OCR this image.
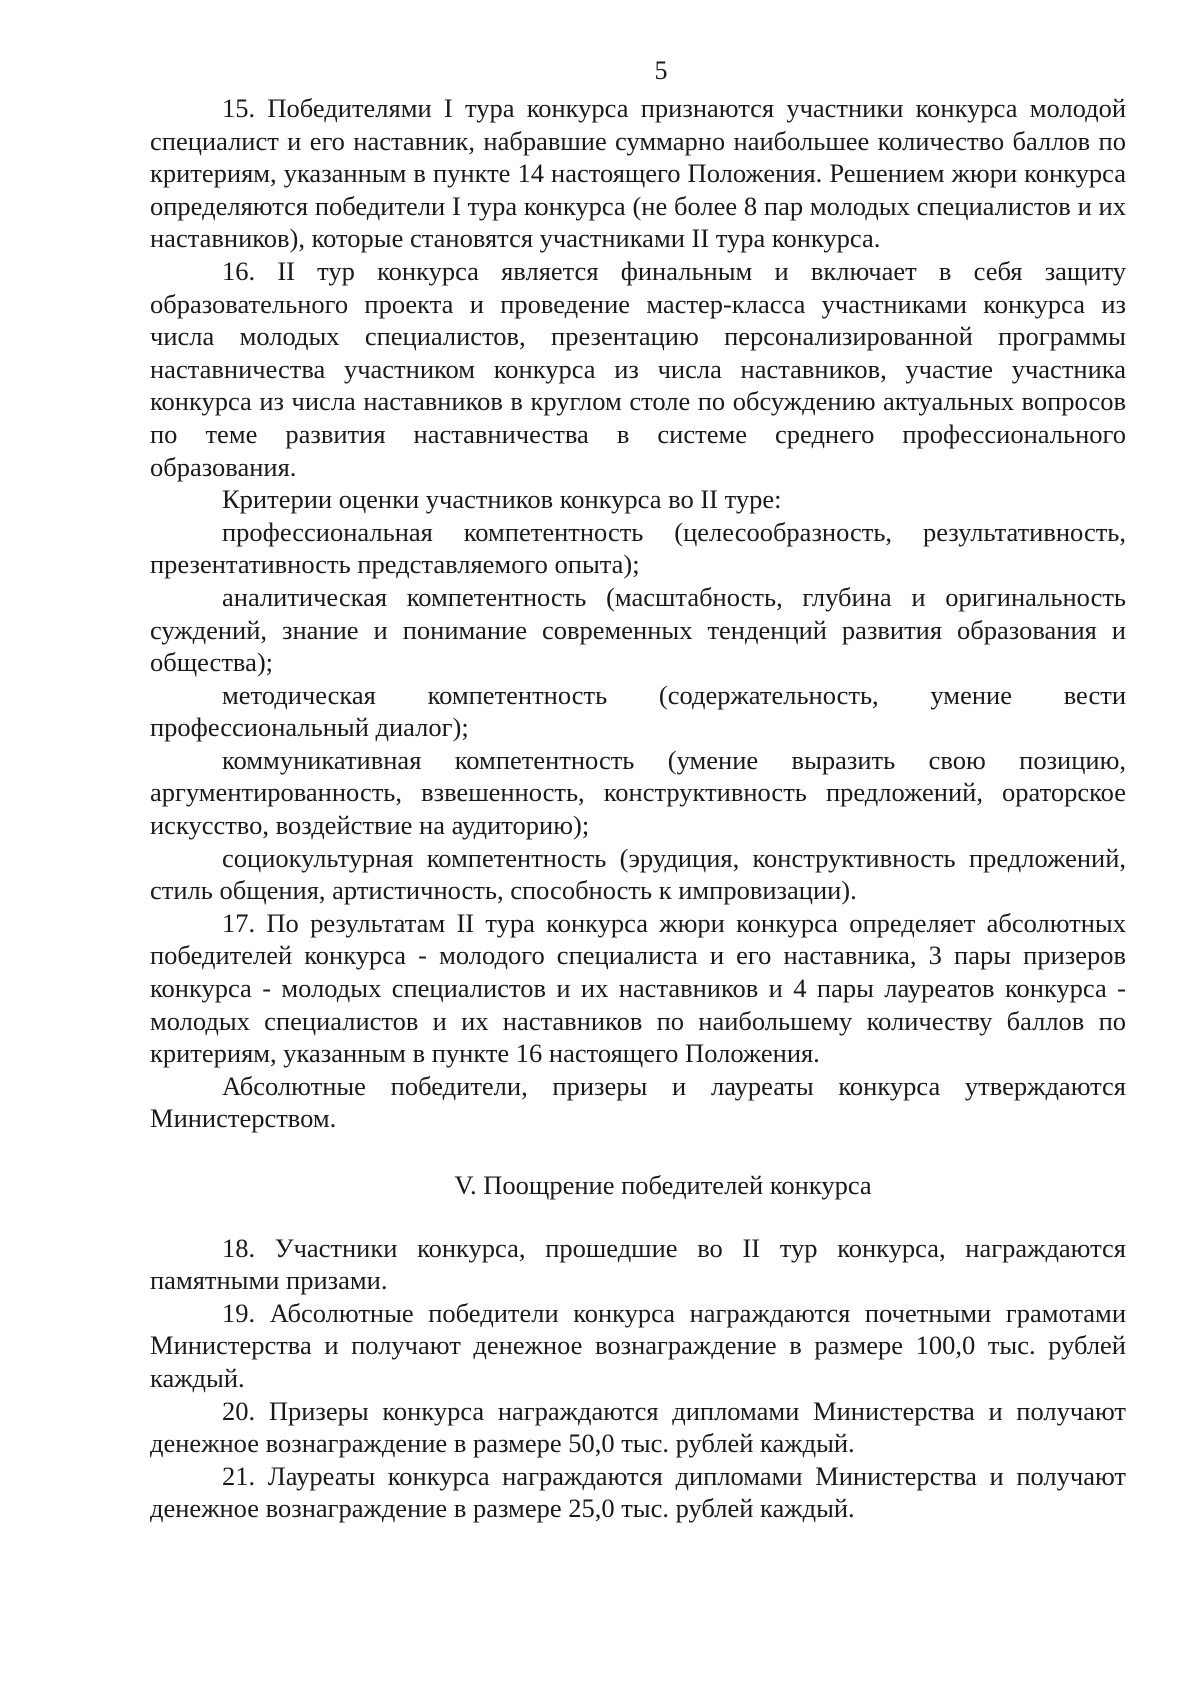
5

15. Победителями I тура конкурса признаются участники конкурса молодой специалист и его наставник, набравшие суммарно наибольшее количество баллов по критериям, указанным в пункте 14 настоящего Положения. Решением жюри конкурса определяются победители I тура конкурса (не более 8 пар молодых специалистов и их наставников), которые становятся участниками II тура конкурса.

16. II тур конкурса является финальным и включает в себя защиту образовательного проекта и проведение мастер-класса участниками конкурса из числа молодых специалистов, презентацию персонализированной программы наставничества участником конкурса из числа наставников, участие участника конкурса из числа наставников в круглом столе по обсуждению актуальных вопросов по теме развития наставничества в системе среднего профессионального образования.

Критерии оценки участников конкурса во II туре:

профессиональная компетентность (целесообразность, результативность, презентативность представляемого опыта);

аналитическая компетентность (масштабность, глубина и оригинальность суждений, знание и понимание современных тенденций развития образования и общества);

методическая компетентность (содержательность, умение вести профессиональный диалог);

коммуникативная компетентность (умение выразить свою позицию, аргументированность, взвешенность, конструктивность предложений, ораторское искусство, воздействие на аудиторию);

социокультурная компетентность (эрудиция, конструктивность предложений, стиль общения, артистичность, способность к импровизации).

17. По результатам II тура конкурса жюри конкурса определяет абсолютных победителей конкурса - молодого специалиста и его наставника, 3 пары призеров конкурса - молодых специалистов и их наставников и 4 пары лауреатов конкурса - молодых специалистов и их наставников по наибольшему количеству баллов по критериям, указанным в пункте 16 настоящего Положения.

Абсолютные победители, призеры и лауреаты конкурса утверждаются Министерством.

V. Поощрение победителей конкурса

18. Участники конкурса, прошедшие во II тур конкурса, награждаются памятными призами.

19. Абсолютные победители конкурса награждаются почетными грамотами Министерства и получают денежное вознаграждение в размере 100,0 тыс. рублей каждый.

20. Призеры конкурса награждаются дипломами Министерства и получают денежное вознаграждение в размере 50,0 тыс. рублей каждый.

21. Лауреаты конкурса награждаются дипломами Министерства и получают денежное вознаграждение в размере 25,0 тыс. рублей каждый.
